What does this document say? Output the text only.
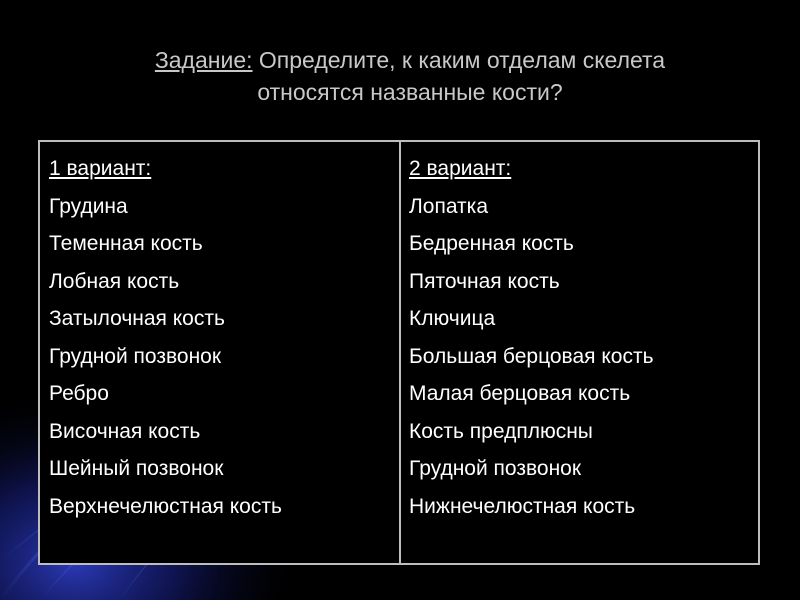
Задание: Определите, к каким отделам скелета
относятся названные кости?
1 вариант:
Грудина
Теменная кость
Лобная кость
Затылочная кость
Грудной позвонок
Ребро
Височная кость
Шейный позвонок
Верхнечелюстная кость
2 вариант:
Лопатка
Бедренная кость
Пяточная кость
Ключица
Большая берцовая кость
Малая берцовая кость
Кость предплюсны
Грудной позвонок
Нижнечелюстная кость
